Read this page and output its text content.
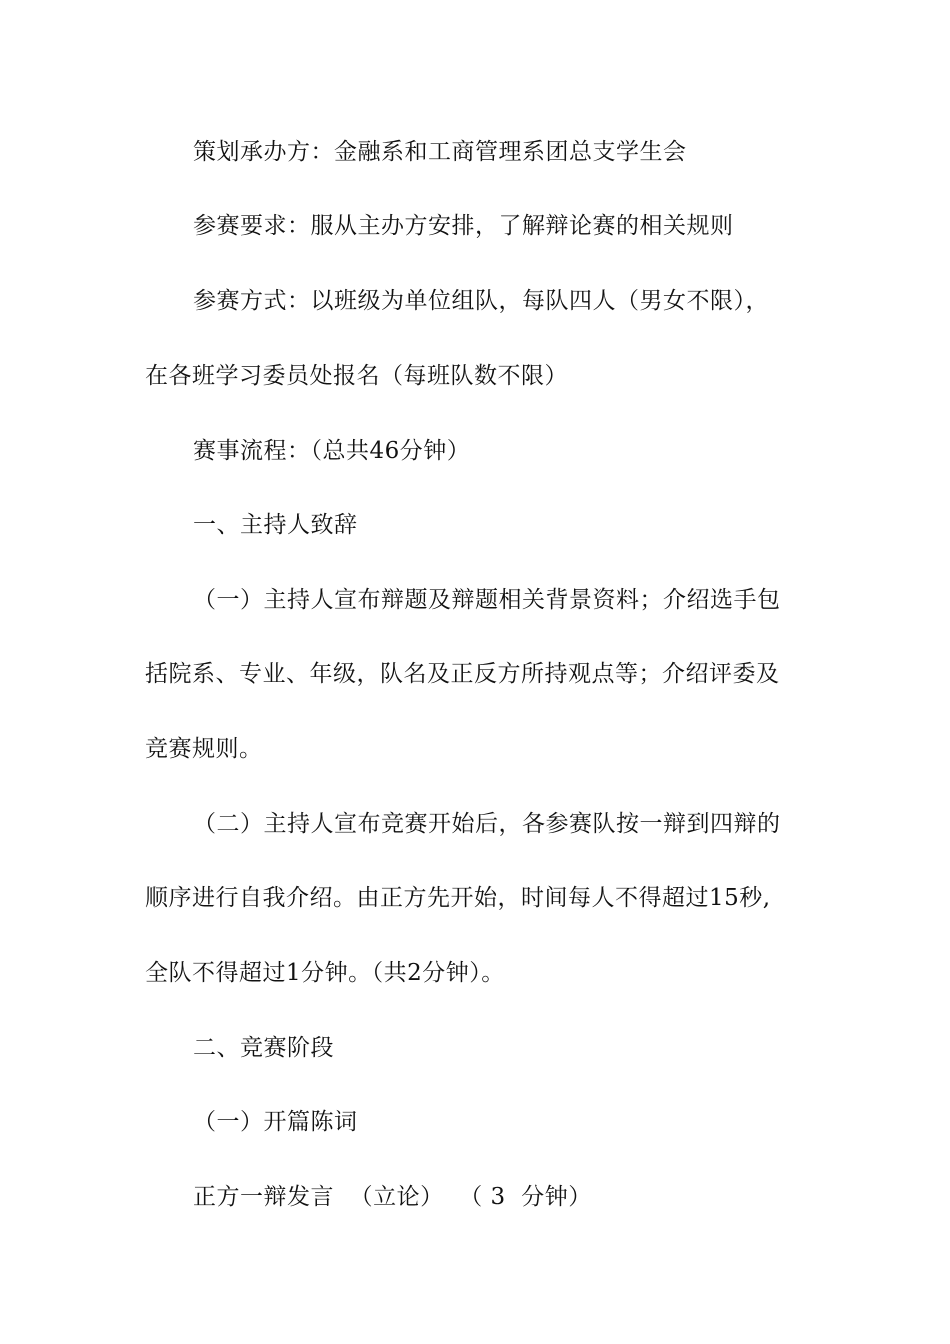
策划承办方：金融系和工商管理系团总支学生会
参赛要求：服从主办方安排，了解辩论赛的相关规则
参赛方式：以班级为单位组队，每队四人（男女不限），
在各班学习委员处报名（每班队数不限）
赛事流程：（总共46分钟）
一、主持人致辞
（一）主持人宣布辩题及辩题相关背景资料；介绍选手包
括院系、专业、年级，队名及正反方所持观点等；介绍评委及
竞赛规则。
（二）主持人宣布竞赛开始后，各参赛队按一辩到四辩的
顺序进行自我介绍。由正方先开始，时间每人不得超过15秒,
全队不得超过1分钟。（共2分钟）。
二、竞赛阶段
（一）开篇陈词
正方一辩发言  （立论）  （ 3  分钟）
